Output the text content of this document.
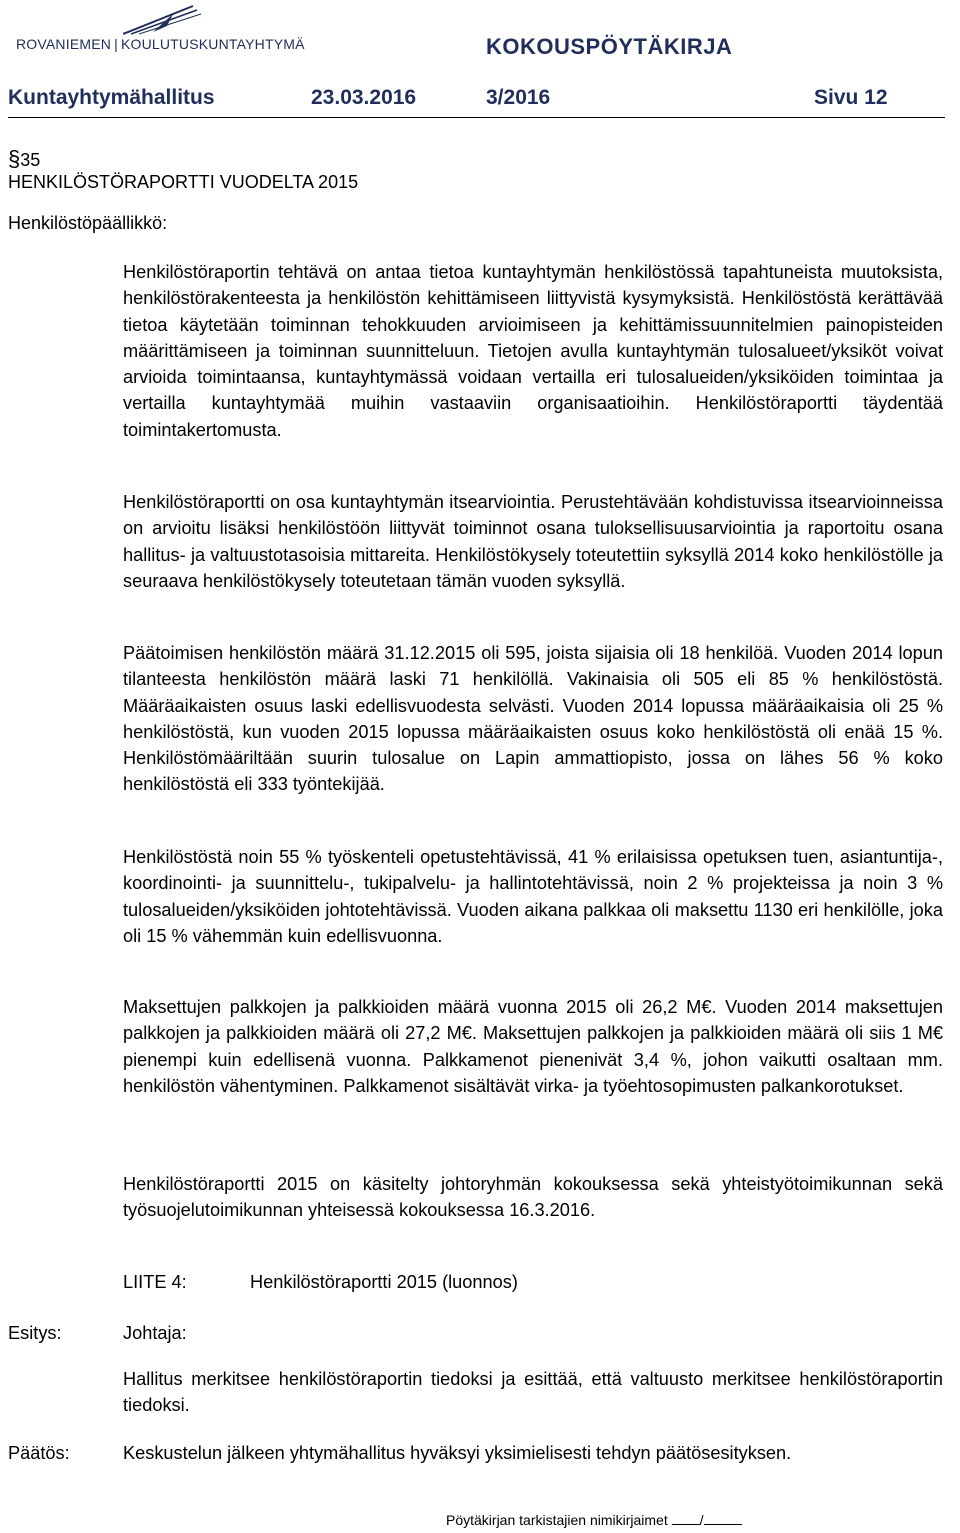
ROVANIEMEN | KOULUTUSKUNTAYHTYMÄ	KOKOUSPÖYTÄKIRJA
Kuntayhtymähallitus	23.03.2016	3/2016	Sivu 12
§35
HENKILÖSTÖRAPORTTI VUODELTA 2015
Henkilöstöpäällikkö:

Henkilöstöraportin tehtävä on antaa tietoa kuntayhtymän henkilöstössä tapahtuneista muutoksista, henkilöstörakenteesta ja henkilöstön kehittämiseen liittyvistä kysymyksistä. Henkilöstöstä kerättävää tietoa käytetään toiminnan tehokkuuden arvioimiseen ja kehittämissuunnitelmien painopisteiden määrittämiseen ja toiminnan suunnitteluun. Tietojen avulla kuntayhtymän tulosalueet/yksiköt voivat arvioida toimintaansa, kuntayhtymässä voidaan vertailla eri tulosalueiden/yksiköiden toimintaa ja vertailla kuntayhtymää muihin vastaaviin organisaatioihin. Henkilöstöraportti täydentää toimintakertomusta.

Henkilöstöraportti on osa kuntayhtymän itsearviointia. Perustehtävään kohdistuvissa itsearvioinneissa on arvioitu lisäksi henkilöstöön liittyvät toiminnot osana tuloksellisuusarviointia ja raportoitu osana hallitus- ja valtuustotasoisia mittareita. Henkilöstökysely toteutettiin syksyllä 2014 koko henkilöstölle ja seuraava henkilöstökysely toteutetaan tämän vuoden syksyllä.

Päätoimisen henkilöstön määrä 31.12.2015 oli 595, joista sijaisia oli 18 henkilöä. Vuoden 2014 lopun tilanteesta henkilöstön määrä laski 71 henkilöllä. Vakinaisia oli 505 eli 85 % henkilöstöstä. Määräaikaisten osuus laski edellisvuodesta selvästi. Vuoden 2014 lopussa määräaikaisia oli 25 % henkilöstöstä, kun vuoden 2015 lopussa määräaikaisten osuus koko henkilöstöstä oli enää 15 %. Henkilöstömääriltään suurin tulosalue on Lapin ammattiopisto, jossa on lähes 56 % koko henkilöstöstä eli 333 työntekijää.

Henkilöstöstä noin 55 % työskenteli opetustehtävissä, 41 % erilaisissa opetuksen tuen, asiantuntija-, koordinointi- ja suunnittelu-, tukipalvelu- ja hallintotehtävissä, noin 2 % projekteissa ja noin 3 % tulosalueiden/yksiköiden johtotehtävissä. Vuoden aikana palkkaa oli maksettu 1130 eri henkilölle, joka oli 15 % vähemmän kuin edellisvuonna.

Maksettujen palkkojen ja palkkioiden määrä vuonna 2015 oli 26,2 M€. Vuoden 2014 maksettujen palkkojen ja palkkioiden määrä oli 27,2 M€. Maksettujen palkkojen ja palkkioiden määrä oli siis 1 M€ pienempi kuin edellisenä vuonna. Palkkamenot pienenivät 3,4 %, johon vaikutti osaltaan mm. henkilöstön vähentyminen. Palkkamenot sisältävät virka- ja työehtosopimusten palkankorotukset.

Henkilöstöraportti 2015 on käsitelty johtoryhmän kokouksessa sekä yhteistyötoimikunnan sekä työsuojelutoimikunnan yhteisessä kokouksessa 16.3.2016.

LIITE 4:	Henkilöstöraportti 2015 (luonnos)
Esitys:	Johtaja:

Hallitus merkitsee henkilöstöraportin tiedoksi ja esittää, että valtuusto merkitsee henkilöstöraportin tiedoksi.

Päätös:	Keskustelun jälkeen yhtymähallitus hyväksyi yksimielisesti tehdyn päätösesityksen.
Pöytäkirjan tarkistajien nimikirjaimet /
